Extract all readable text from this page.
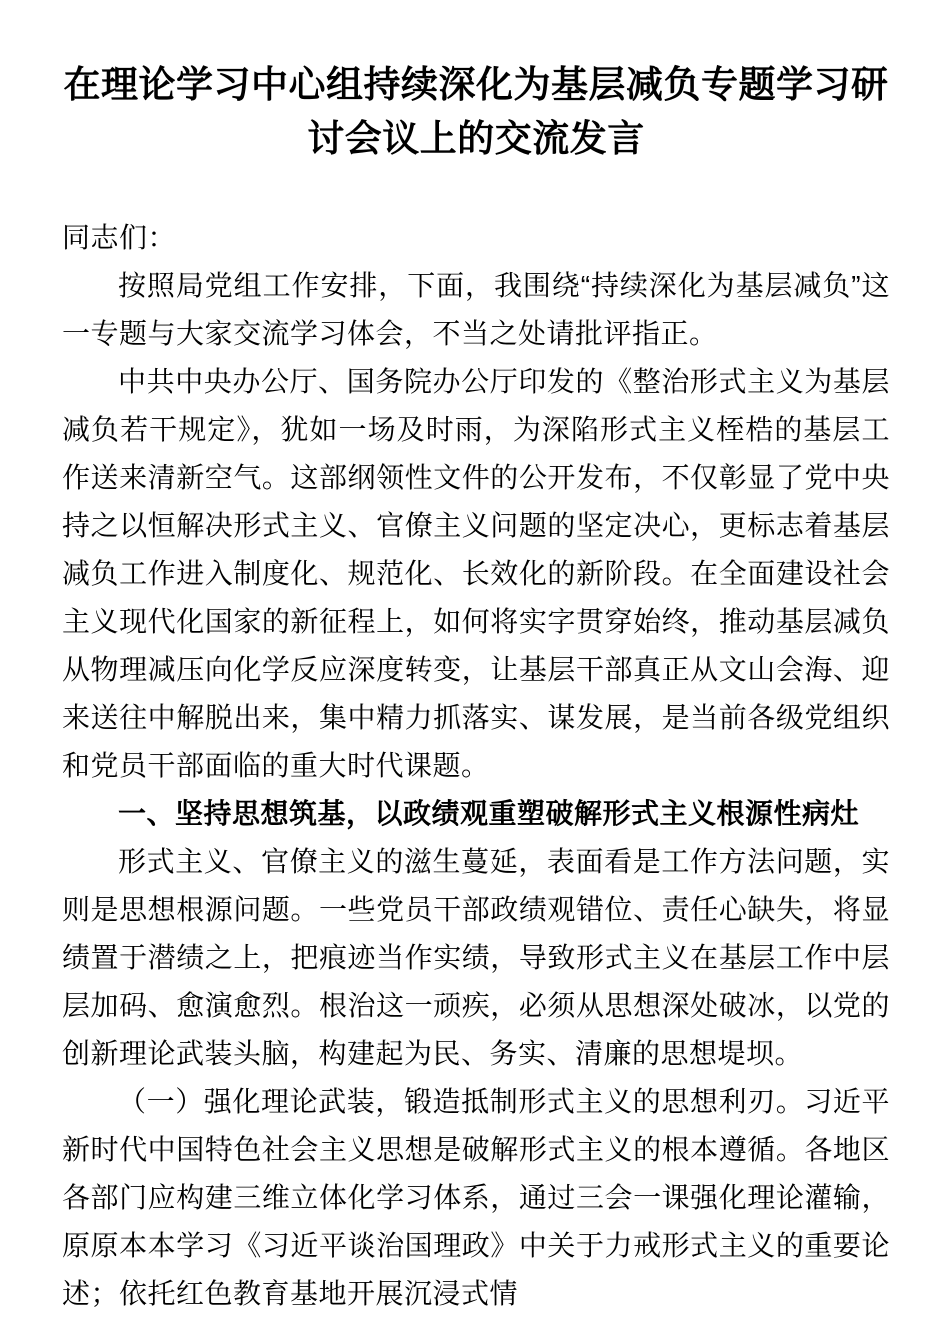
在理论学习中心组持续深化为基层减负专题学习研讨会议上的交流发言

同志们：

按照局党组工作安排，下面，我围绕“持续深化为基层减负”这一专题与大家交流学习体会，不当之处请批评指正。

中共中央办公厅、国务院办公厅印发的《整治形式主义为基层减负若干规定》，犹如一场及时雨，为深陷形式主义桎梏的基层工作送来清新空气。这部纲领性文件的公开发布，不仅彰显了党中央持之以恒解决形式主义、官僚主义问题的坚定决心，更标志着基层减负工作进入制度化、规范化、长效化的新阶段。在全面建设社会主义现代化国家的新征程上，如何将实字贯穿始终，推动基层减负从物理减压向化学反应深度转变，让基层干部真正从文山会海、迎来送往中解脱出来，集中精力抓落实、谋发展，是当前各级党组织和党员干部面临的重大时代课题。

一、坚持思想筑基，以政绩观重塑破解形式主义根源性病灶

形式主义、官僚主义的滋生蔓延，表面看是工作方法问题，实则是思想根源问题。一些党员干部政绩观错位、责任心缺失，将显绩置于潜绩之上，把痕迹当作实绩，导致形式主义在基层工作中层层加码、愈演愈烈。根治这一顽疾，必须从思想深处破冰，以党的创新理论武装头脑，构建起为民、务实、清廉的思想堤坝。

（一）强化理论武装，锻造抵制形式主义的思想利刃。习近平新时代中国特色社会主义思想是破解形式主义的根本遵循。各地区各部门应构建三维立体化学习体系，通过三会一课强化理论灌输，原原本本学习《习近平谈治国理政》中关于力戒形式主义的重要论述；依托红色教育基地开展沉浸式情
